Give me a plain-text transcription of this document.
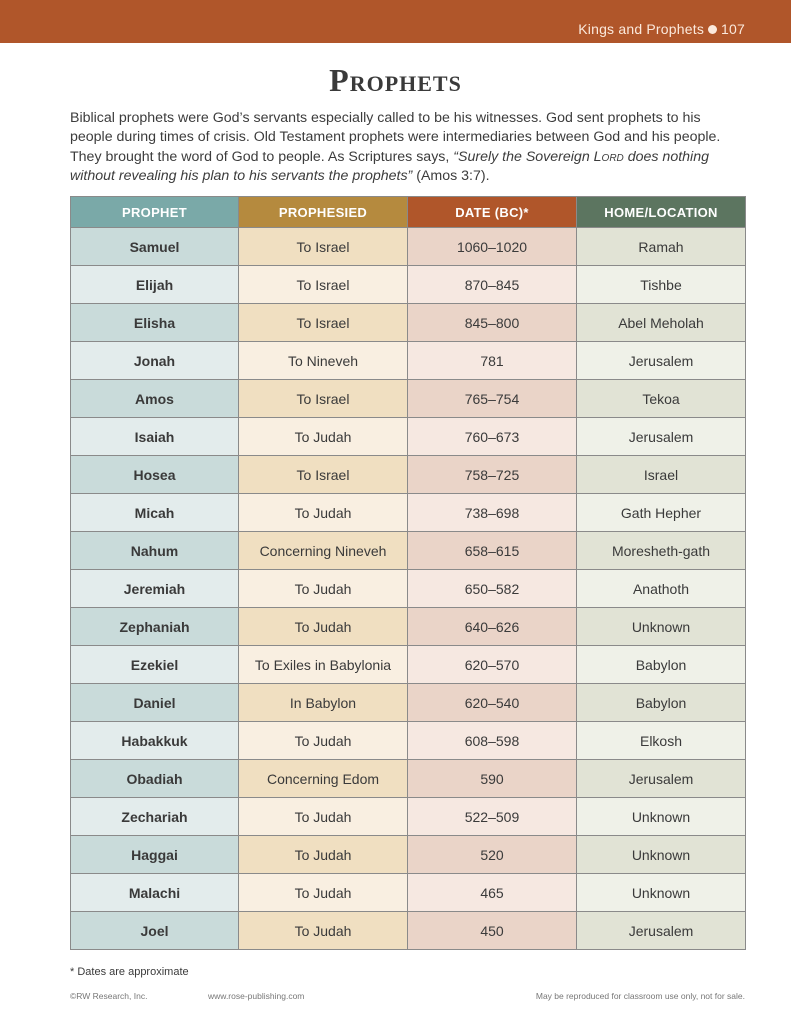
Kings and Prophets 107
Prophets
Biblical prophets were God’s servants especially called to be his witnesses. God sent prophets to his people during times of crisis. Old Testament prophets were intermediaries between God and his people. They brought the word of God to people. As Scriptures says, “Surely the Sovereign Lord does nothing without revealing his plan to his servants the prophets” (Amos 3:7).
PROPHET	PROPHESIED	DATE (BC)*	HOME/LOCATION
Samuel	To Israel	1060–1020	Ramah
Elijah	To Israel	870–845	Tishbe
Elisha	To Israel	845–800	Abel Meholah
Jonah	To Nineveh	781	Jerusalem
Amos	To Israel	765–754	Tekoa
Isaiah	To Judah	760–673	Jerusalem
Hosea	To Israel	758–725	Israel
Micah	To Judah	738–698	Gath Hepher
Nahum	Concerning Nineveh	658–615	Moresheth-gath
Jeremiah	To Judah	650–582	Anathoth
Zephaniah	To Judah	640–626	Unknown
Ezekiel	To Exiles in Babylonia	620–570	Babylon
Daniel	In Babylon	620–540	Babylon
Habakkuk	To Judah	608–598	Elkosh
Obadiah	Concerning Edom	590	Jerusalem
Zechariah	To Judah	522–509	Unknown
Haggai	To Judah	520	Unknown
Malachi	To Judah	465	Unknown
Joel	To Judah	450	Jerusalem
* Dates are approximate
©RW Research, Inc.	www.rose-publishing.com	May be reproduced for classroom use only, not for sale.
